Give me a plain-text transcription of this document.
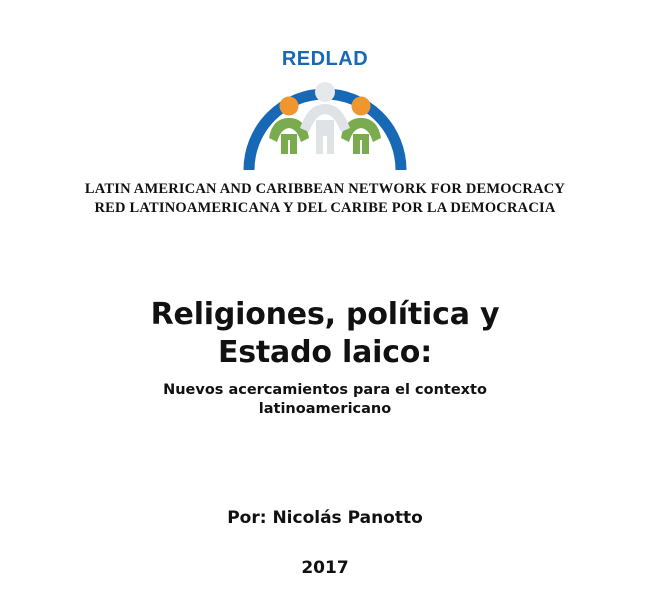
REDLAD
LATIN AMERICAN AND CARIBBEAN NETWORK FOR DEMOCRACY
RED LATINOAMERICANA Y DEL CARIBE POR LA DEMOCRACIA
Religiones, política y
Estado laico:
Nuevos acercamientos para el contexto
latinoamericano
Por: Nicolás Panotto
2017
